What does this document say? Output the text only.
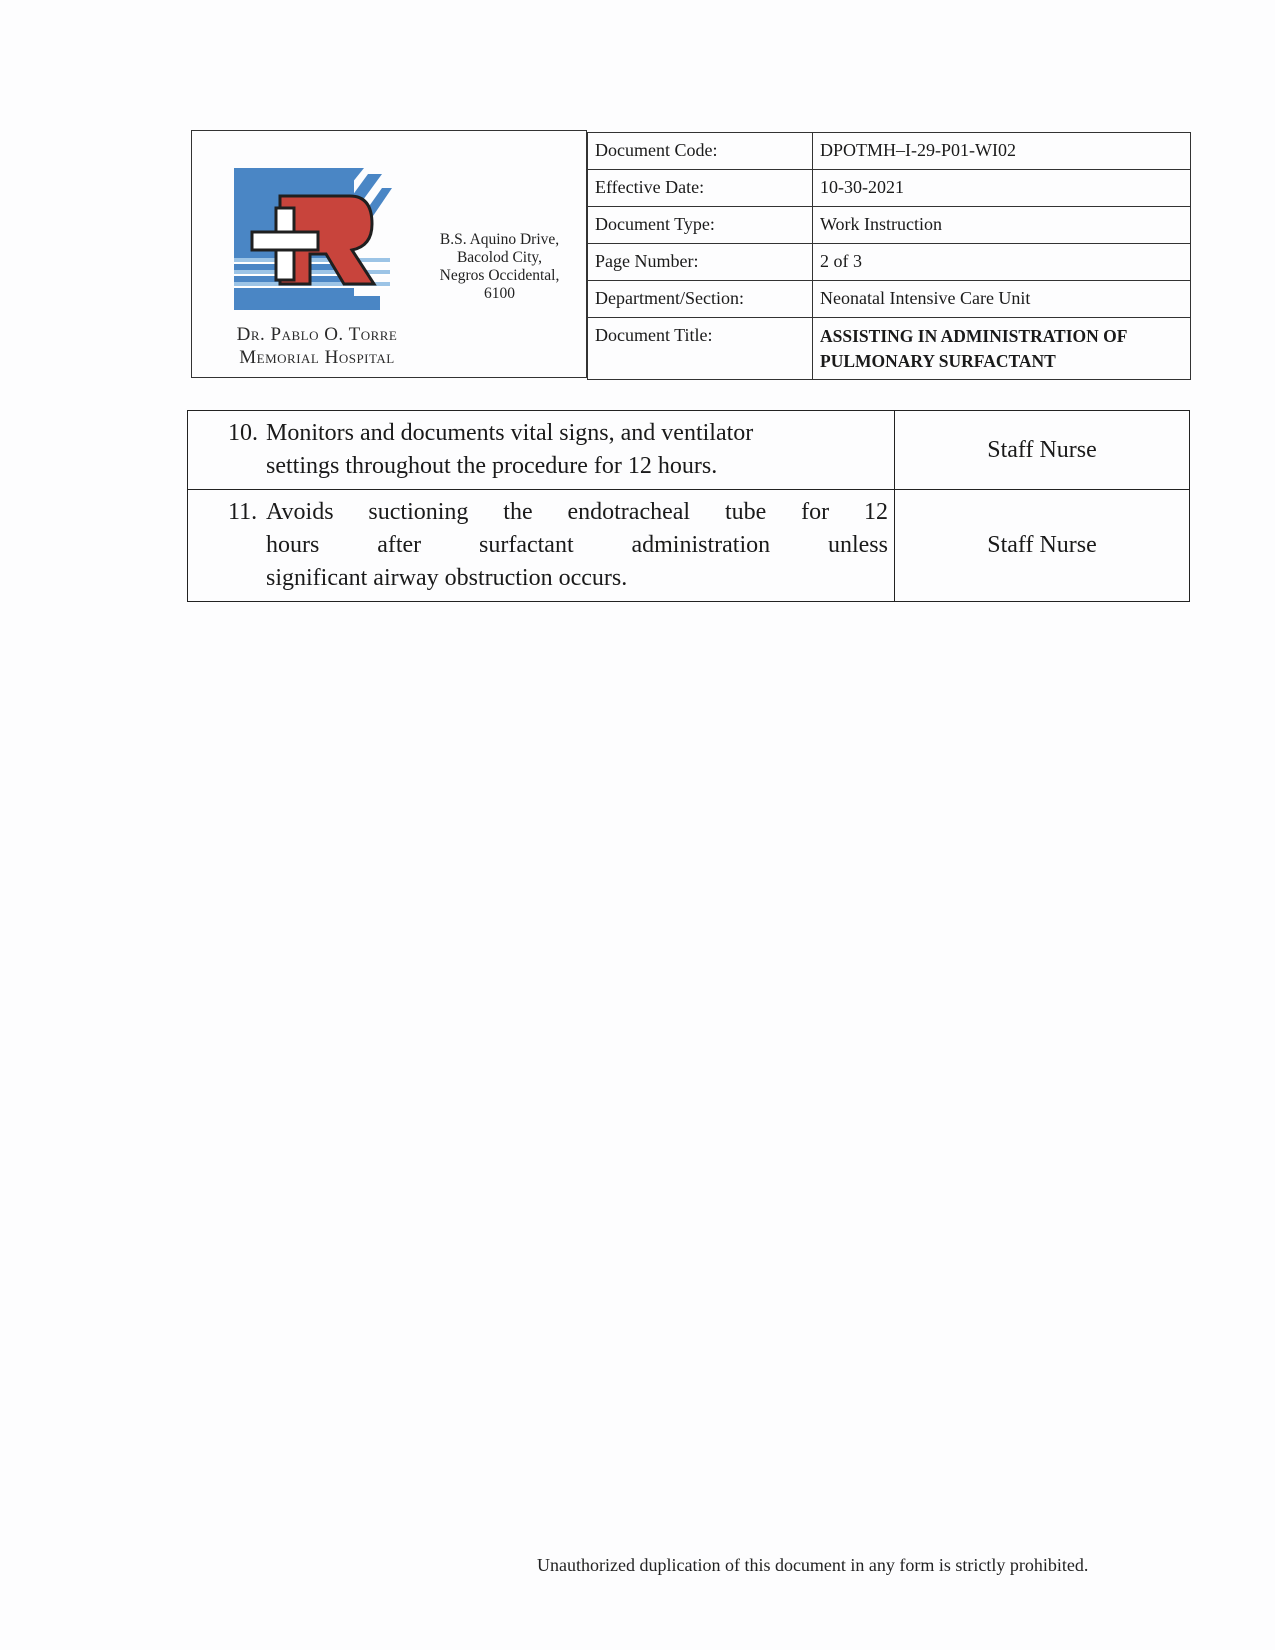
Dr. Pablo O. Torre
Memorial Hospital
B.S. Aquino Drive,
Bacolod City,
Negros Occidental,
6100
Document Code:	DPOTMH–I-29-P01-WI02
Effective Date:	10-30-2021
Document Type:	Work Instruction
Page Number:	2 of 3
Department/Section:	Neonatal Intensive Care Unit
Document Title:	ASSISTING IN ADMINISTRATION OF
PULMONARY SURFACTANT
10. Monitors and documents vital signs, and ventilator
settings throughout the procedure for 12 hours.	Staff Nurse

11. Avoids suctioning the endotracheal tube for 12
hours after surfactant administration unless
significant airway obstruction occurs.	Staff Nurse
Unauthorized duplication of this document in any form is strictly prohibited.
